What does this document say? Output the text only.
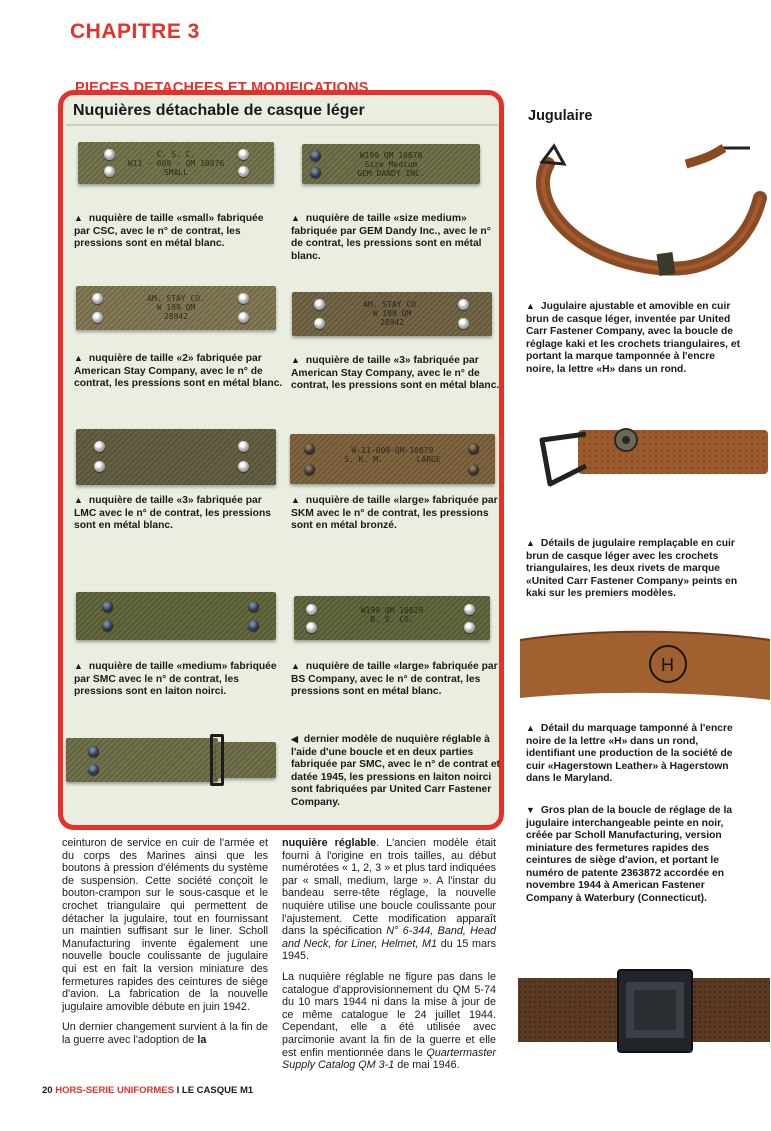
CHAPITRE 3
PIECES DETACHEES ET MODIFICATIONS
Nuquières détachable de casque léger
C. S. C.
W11 - 009 - QM 10876
SMALL
▲ nuquière de taille «small» fabriquée par CSC, avec le n° de contrat, les pressions sont en métal blanc.
W199 QM 10878
Size Medium
GEM DANDY INC.
▲ nuquière de taille «size medium» fabriquée par GEM Dandy Inc., avec le n° de contrat, les pressions sont en métal blanc.
AM. STAY CO.
W 199 QM
28942
▲ nuquière de taille «2» fabriquée par American Stay Company, avec le n° de contrat, les pressions sont en métal blanc.
AM. STAY CO.
W 199 QM
28942
▲ nuquière de taille «3» fabriquée par American Stay Company, avec le n° de contrat, les pressions sont en métal blanc.
▲ nuquière de taille «3» fabriquée par LMC avec le n° de contrat, les pressions sont en métal blanc.
W-11-009-QM-10879
S. K. M.       LARGE
▲ nuquière de taille «large» fabriquée par SKM avec le n° de contrat, les pressions sont en métal bronzé.
▲ nuquière de taille «medium» fabriquée par SMC avec le n° de contrat, les pressions sont en laiton noirci.
W199 QM 10829
B. S. CO.
▲ nuquière de taille «large» fabriquée par BS Company, avec le n° de contrat, les pressions sont en métal blanc.
◀ dernier modèle de nuquière réglable à l'aide d'une boucle et en deux parties fabriquée par SMC, avec le n° de contrat et datée 1945, les pressions en laiton noirci sont fabriquées par United Carr Fastener Company.
Jugulaire
▲ Jugulaire ajustable et amovible en cuir brun de casque léger, inventée par United Carr Fastener Company, avec la boucle de réglage kaki et les crochets triangulaires, et portant la marque tamponnée à l'encre noire, la lettre «H» dans un rond.
▲ Détails de jugulaire remplaçable en cuir brun de casque léger avec les crochets triangulaires, les deux rivets de marque «United Carr Fastener Company» peints en kaki sur les premiers modèles.
H
▲ Détail du marquage tamponné à l'encre noire de la lettre «H» dans un rond, identifiant une production de la société de cuir «Hagerstown Leather» à Hagerstown dans le Maryland.
▼ Gros plan de la boucle de réglage de la jugulaire interchangeable peinte en noir, créée par Scholl Manufacturing, version miniature des fermetures rapides des ceintures de siège d'avion, et portant le numéro de patente 2363872 accordée en novembre 1944 à American Fastener Company à Waterbury (Connecticut).

ceinturon de service en cuir de l'armée et du corps des Marines ainsi que les boutons à pression d'éléments du système de suspension. Cette société conçoit le bouton-crampon sur le sous-casque et le crochet triangulaire qui permettent de détacher la jugulaire, tout en fournissant un maintien suffisant sur le liner. Scholl Manufacturing invente également une nouvelle boucle coulissante de jugulaire qui est en fait la version miniature des fermetures rapides des ceintures de siège d'avion. La fabrication de la nouvelle jugulaire amovible débute en juin 1942.

Un dernier changement survient à la fin de la guerre avec l'adoption de la

nuquière réglable. L'ancien modèle était fourni à l'origine en trois tailles, au début numérotées « 1, 2, 3 » et plus tard indiquées par « small, medium, large ». A l'instar du bandeau serre-tête réglage, la nouvelle nuquière utilise une boucle coulissante pour l'ajustement. Cette modification apparaît dans la spécification N° 6-344, Band, Head and Neck, for Liner, Helmet, M1 du 15 mars 1945.

La nuquière réglable ne figure pas dans le catalogue d'approvisionnement du QM 5-74 du 10 mars 1944 ni dans la mise à jour de ce même catalogue le 24 juillet 1944. Cependant, elle a été utilisée avec parcimonie avant la fin de la guerre et elle est enfin mentionnée dans le Quartermaster Supply Catalog QM 3-1 de mai 1946.

20 HORS-SERIE UNIFORMES I LE CASQUE M1
